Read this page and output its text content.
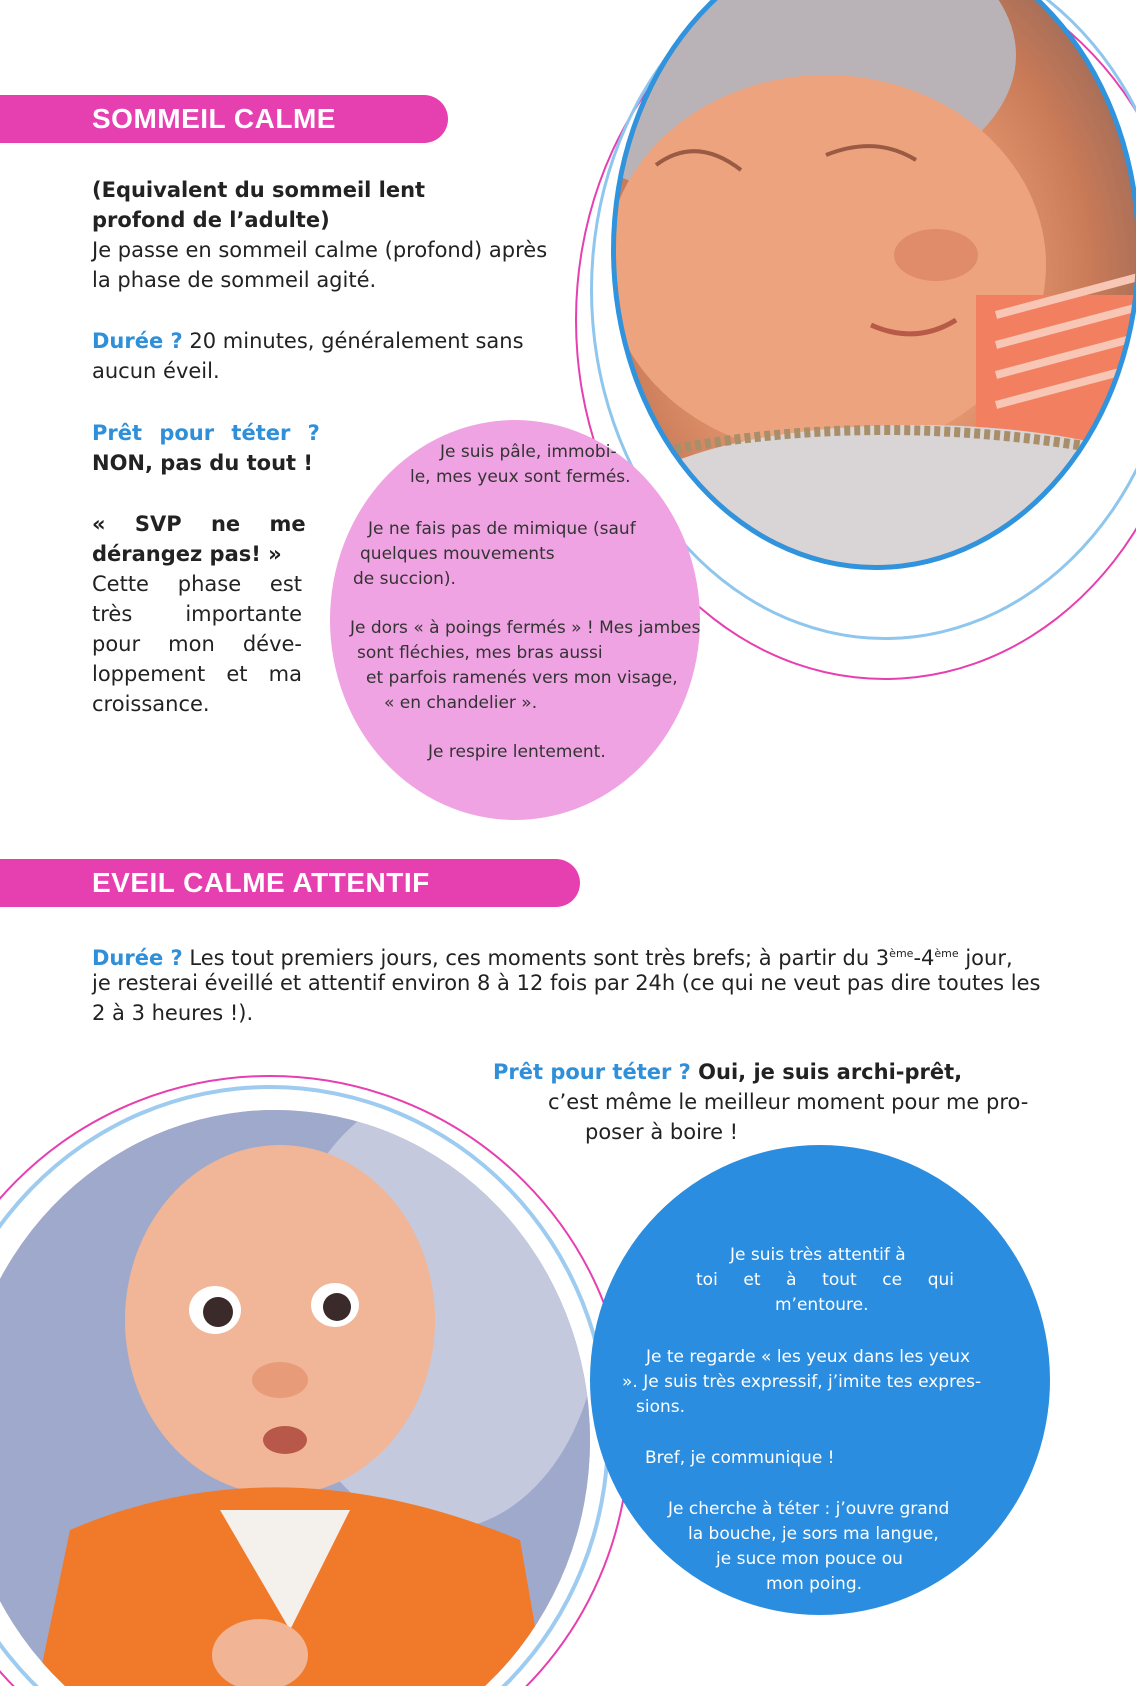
SOMMEIL CALME
(Equivalent du sommeil lent
profond de l’adulte)
Je passe en sommeil calme (profond) après
la phase de sommeil agité.
Durée ? 20 minutes, généralement sans
aucun éveil.
Prêt pour téter ?
NON, pas du tout !
« SVP ne me
dérangez pas! »
Cette phase est
très importante
pour mon déve-
loppement et ma
croissance.
Je suis pâle, immobi-
le, mes yeux sont fermés.
Je ne fais pas de mimique (sauf
quelques mouvements
de succion).
Je dors « à poings fermés » ! Mes jambes
sont fléchies, mes bras aussi
et parfois ramenés vers mon visage,
« en chandelier ».
Je respire lentement.
EVEIL CALME ATTENTIF
Durée ? Les tout premiers jours, ces moments sont très brefs; à partir du 3ème-4ème jour,
je resterai éveillé et attentif environ 8 à 12 fois par 24h (ce qui ne veut pas dire toutes les
2 à 3 heures !).
Prêt pour téter ? Oui, je suis archi-prêt,
c’est même le meilleur moment pour me pro-
poser à boire !
Je suis très attentif à
toi et à tout ce qui
m’entoure.
Je te regarde « les yeux dans les yeux
». Je suis très expressif, j’imite tes expres-
sions.
Bref, je communique !
Je cherche à téter : j’ouvre grand
la bouche, je sors ma langue,
je suce mon pouce ou
mon poing.
